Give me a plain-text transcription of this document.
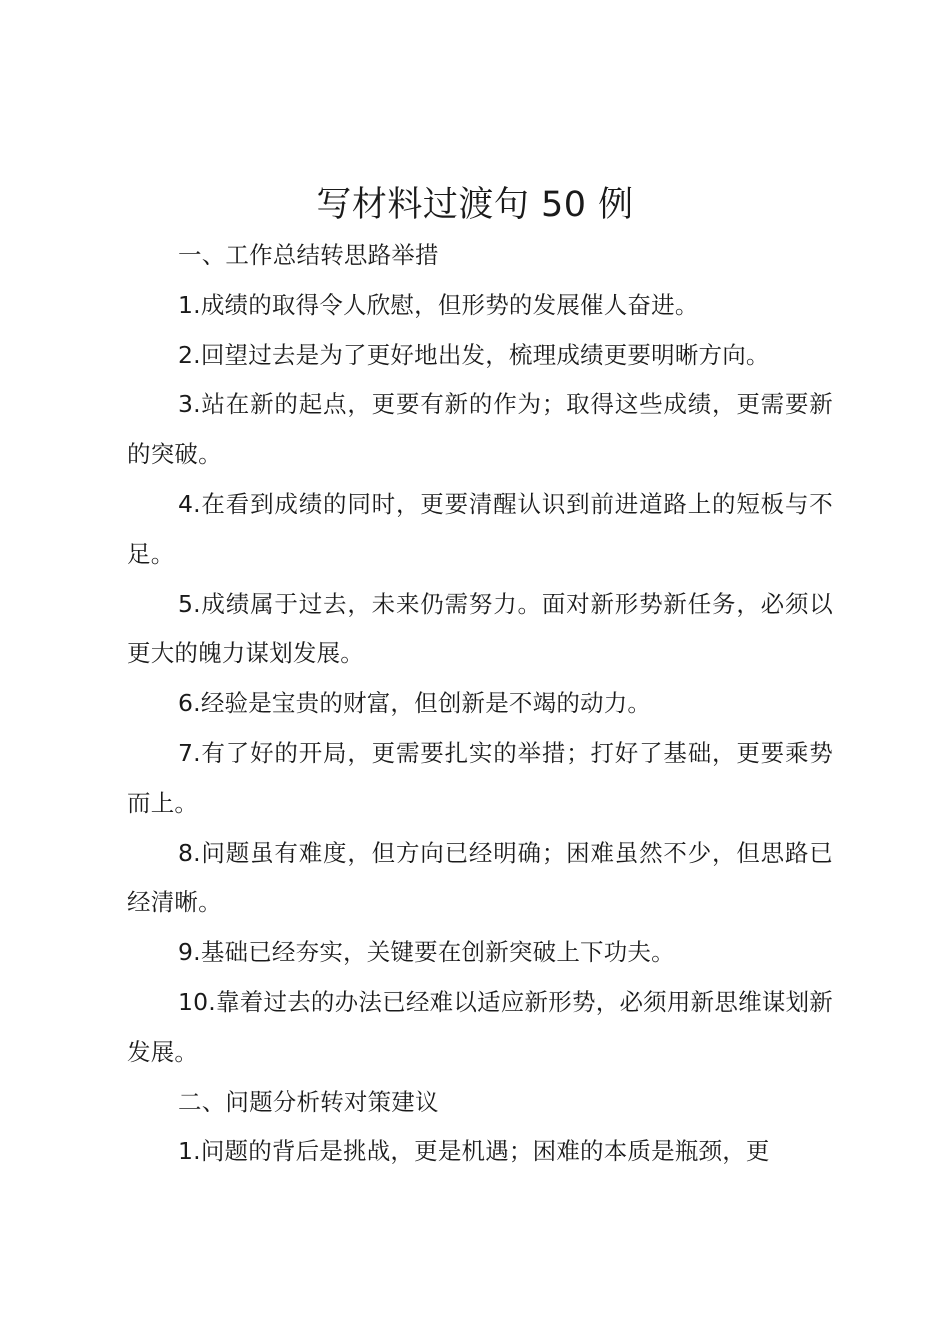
写材料过渡句 50 例

一、工作总结转思路举措

1.成绩的取得令人欣慰，但形势的发展催人奋进。

2.回望过去是为了更好地出发，梳理成绩更要明晰方向。

3.站在新的起点，更要有新的作为；取得这些成绩，更需要新的突破。

4.在看到成绩的同时，更要清醒认识到前进道路上的短板与不足。

5.成绩属于过去，未来仍需努力。面对新形势新任务，必须以更大的魄力谋划发展。

6.经验是宝贵的财富，但创新是不竭的动力。

7.有了好的开局，更需要扎实的举措；打好了基础，更要乘势而上。

8.问题虽有难度，但方向已经明确；困难虽然不少，但思路已经清晰。

9.基础已经夯实，关键要在创新突破上下功夫。

10.靠着过去的办法已经难以适应新形势，必须用新思维谋划新发展。

二、问题分析转对策建议

1.问题的背后是挑战，更是机遇；困难的本质是瓶颈，更
